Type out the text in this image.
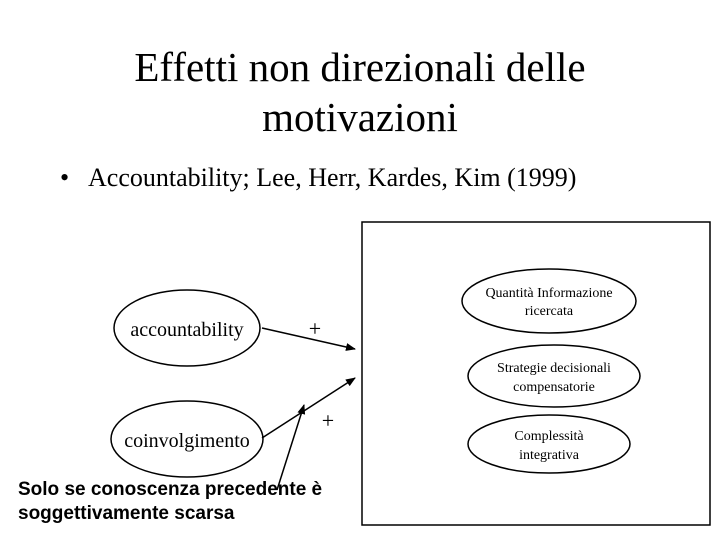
Effetti non direzionali delle motivazioni
• Accountability; Lee, Herr, Kardes, Kim (1999)
accountability
coinvolgimento
+
+
Quantità Informazione
ricercata
Strategie decisionali
compensatorie
Complessità
integrativa
Solo se conoscenza precedente è
soggettivamente scarsa
